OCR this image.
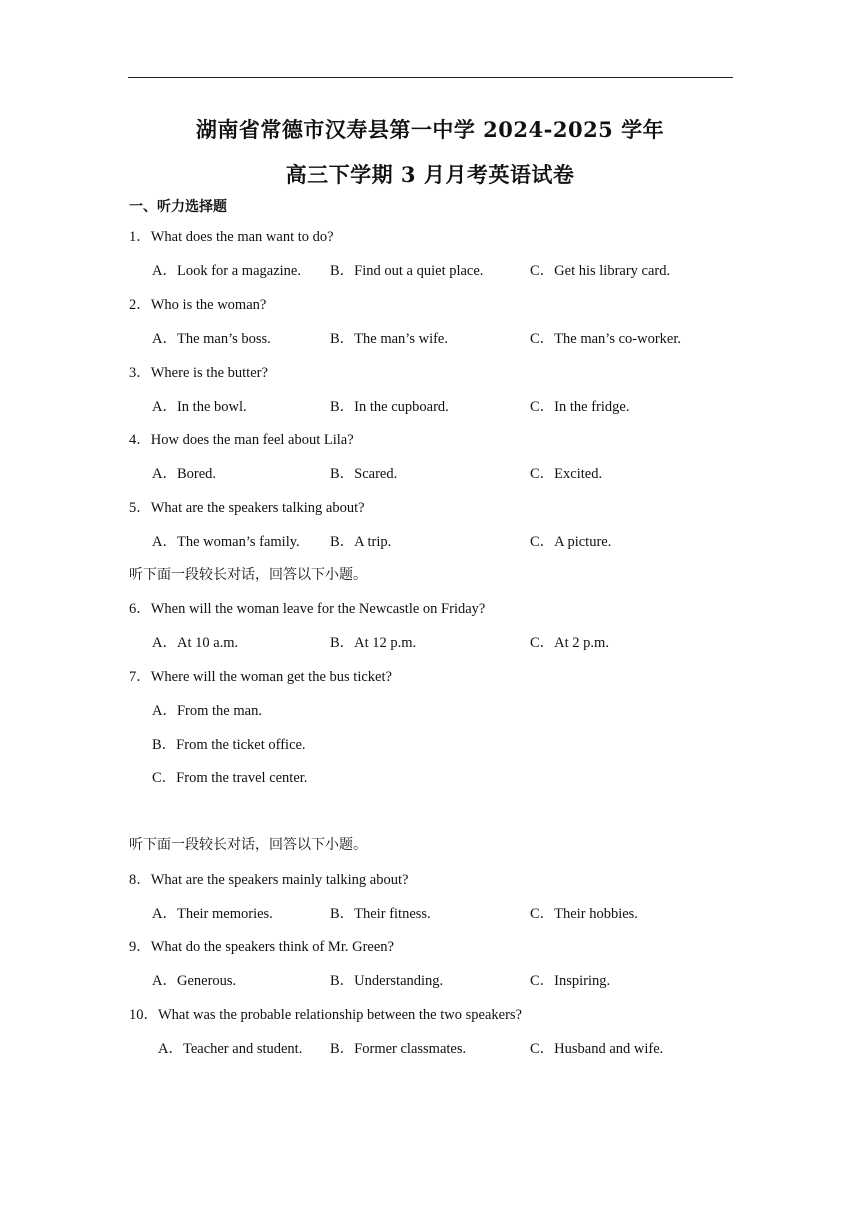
湖南省常德市汉寿县第一中学 2024-2025 学年
高三下学期 3 月月考英语试卷
一、听力选择题
1．What does the man want to do?
A．Look for a magazine. B．Find out a quiet place.	C．Get his library card.
2．Who is the woman?
A．The man’s boss.	B．The man’s wife.	C．The man’s co-worker.
3．Where is the butter?
A．In the bowl.	B．In the cupboard.	C．In the fridge.
4．How does the man feel about Lila?
A．Bored.	B．Scared.	C．Excited.
5．What are the speakers talking about?
A．The woman’s family. B．A trip.	C．A picture.
听下面一段较长对话，回答以下小题。
6．When will the woman leave for the Newcastle on Friday?
A．At 10 a.m.	B．At 12 p.m.	C．At 2 p.m.
7．Where will the woman get the bus ticket?
A．From the man.
B．From the ticket office.
C．From the travel center.
听下面一段较长对话，回答以下小题。
8．What are the speakers mainly talking about?
A．Their memories.	B．Their fitness.	C．Their hobbies.
9．What do the speakers think of Mr. Green?
A．Generous.	B．Understanding.	C．Inspiring.
10．What was the probable relationship between the two speakers?
A．Teacher and student. B．Former classmates.	C．Husband and wife.
